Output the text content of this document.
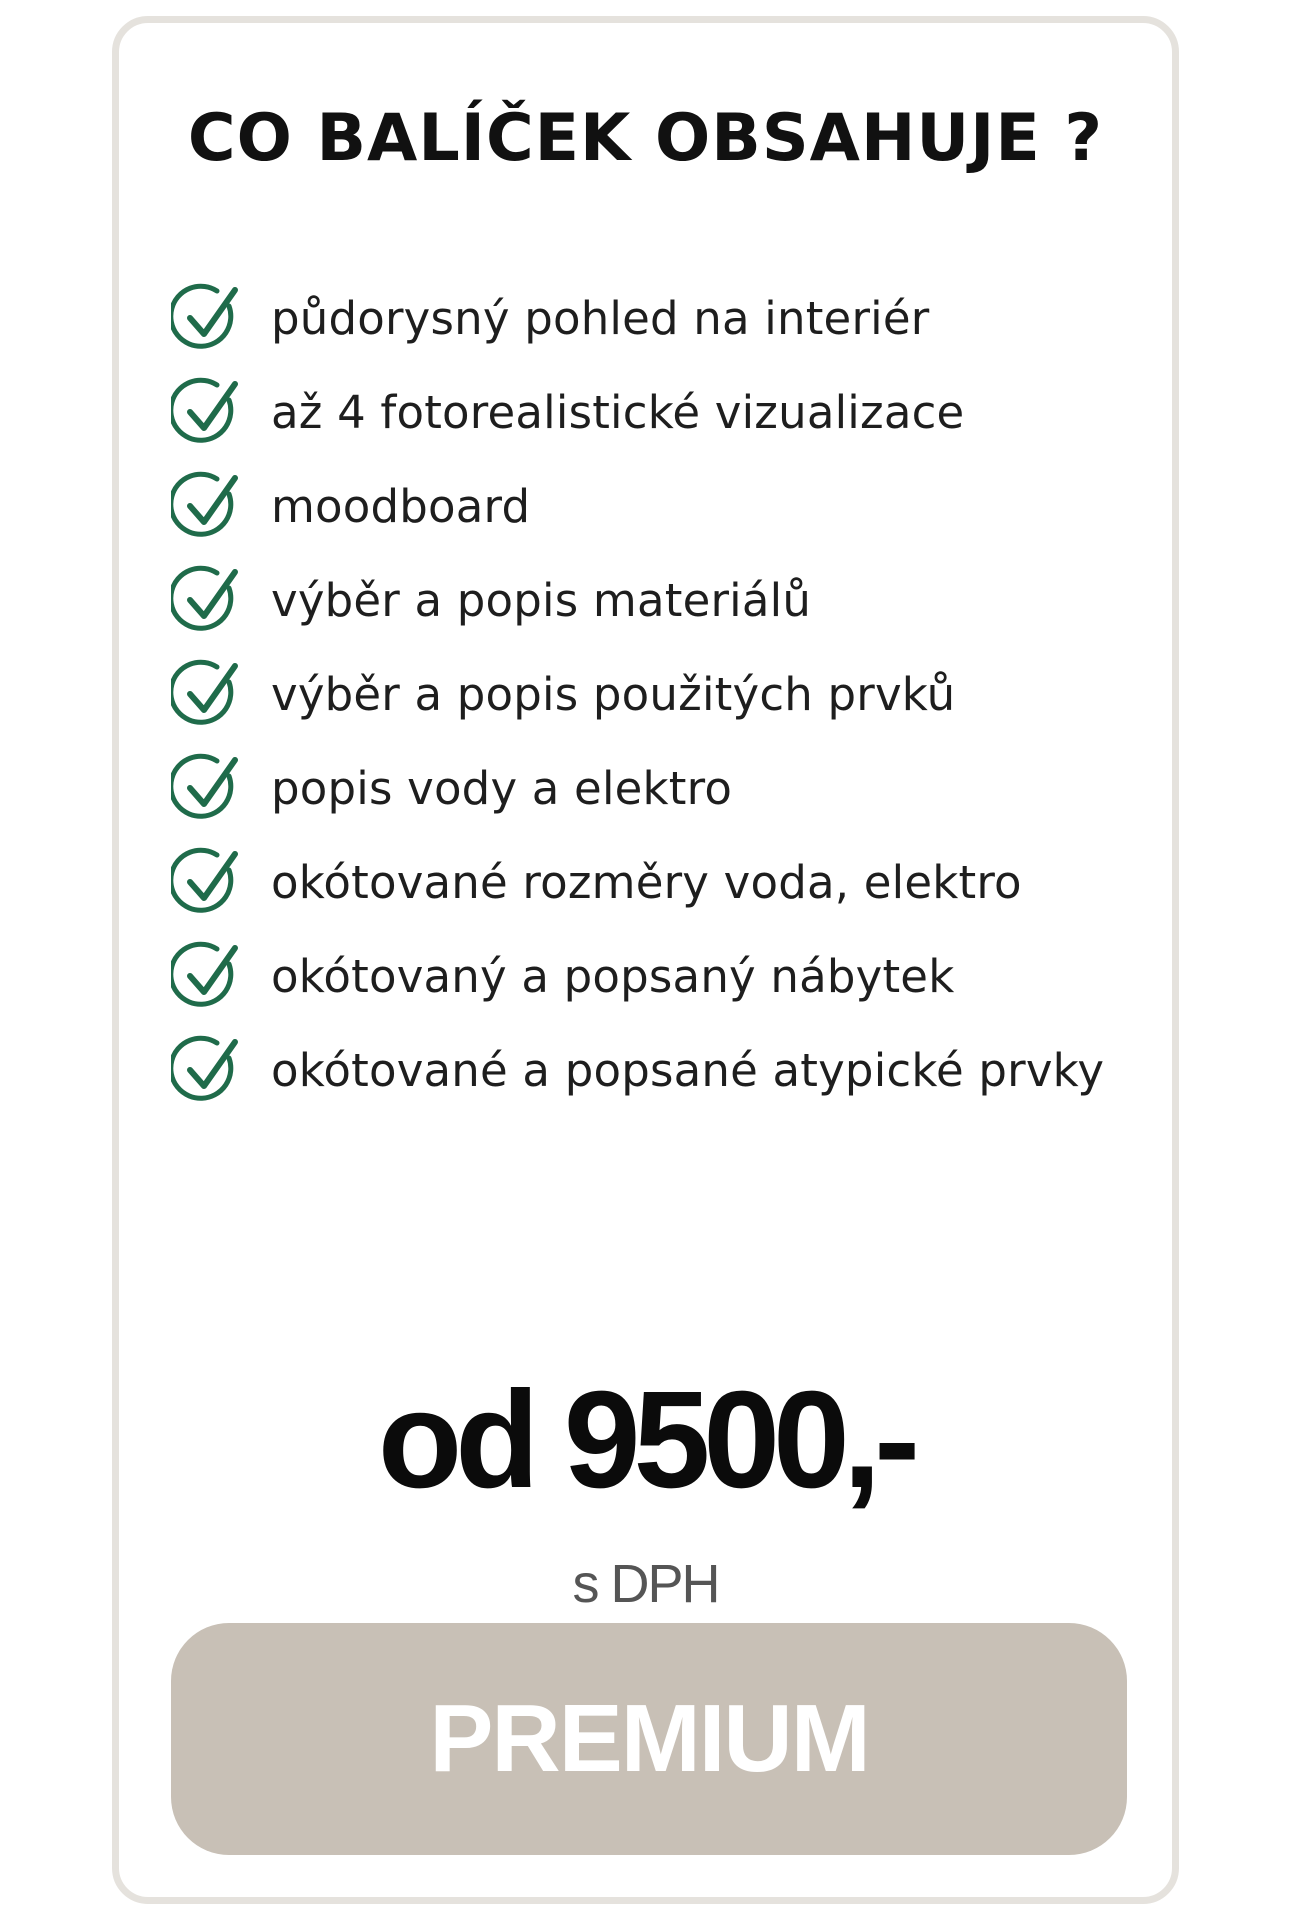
CO BALÍČEK OBSAHUJE ?
půdorysný pohled na interiér
až 4 fotorealistické vizualizace
moodboard
výběr a popis materiálů
výběr a popis použitých prvků
popis vody a elektro
okótované rozměry voda, elektro
okótovaný a popsaný nábytek
okótované a popsané atypické prvky
od 9500,-
s DPH
PREMIUM
